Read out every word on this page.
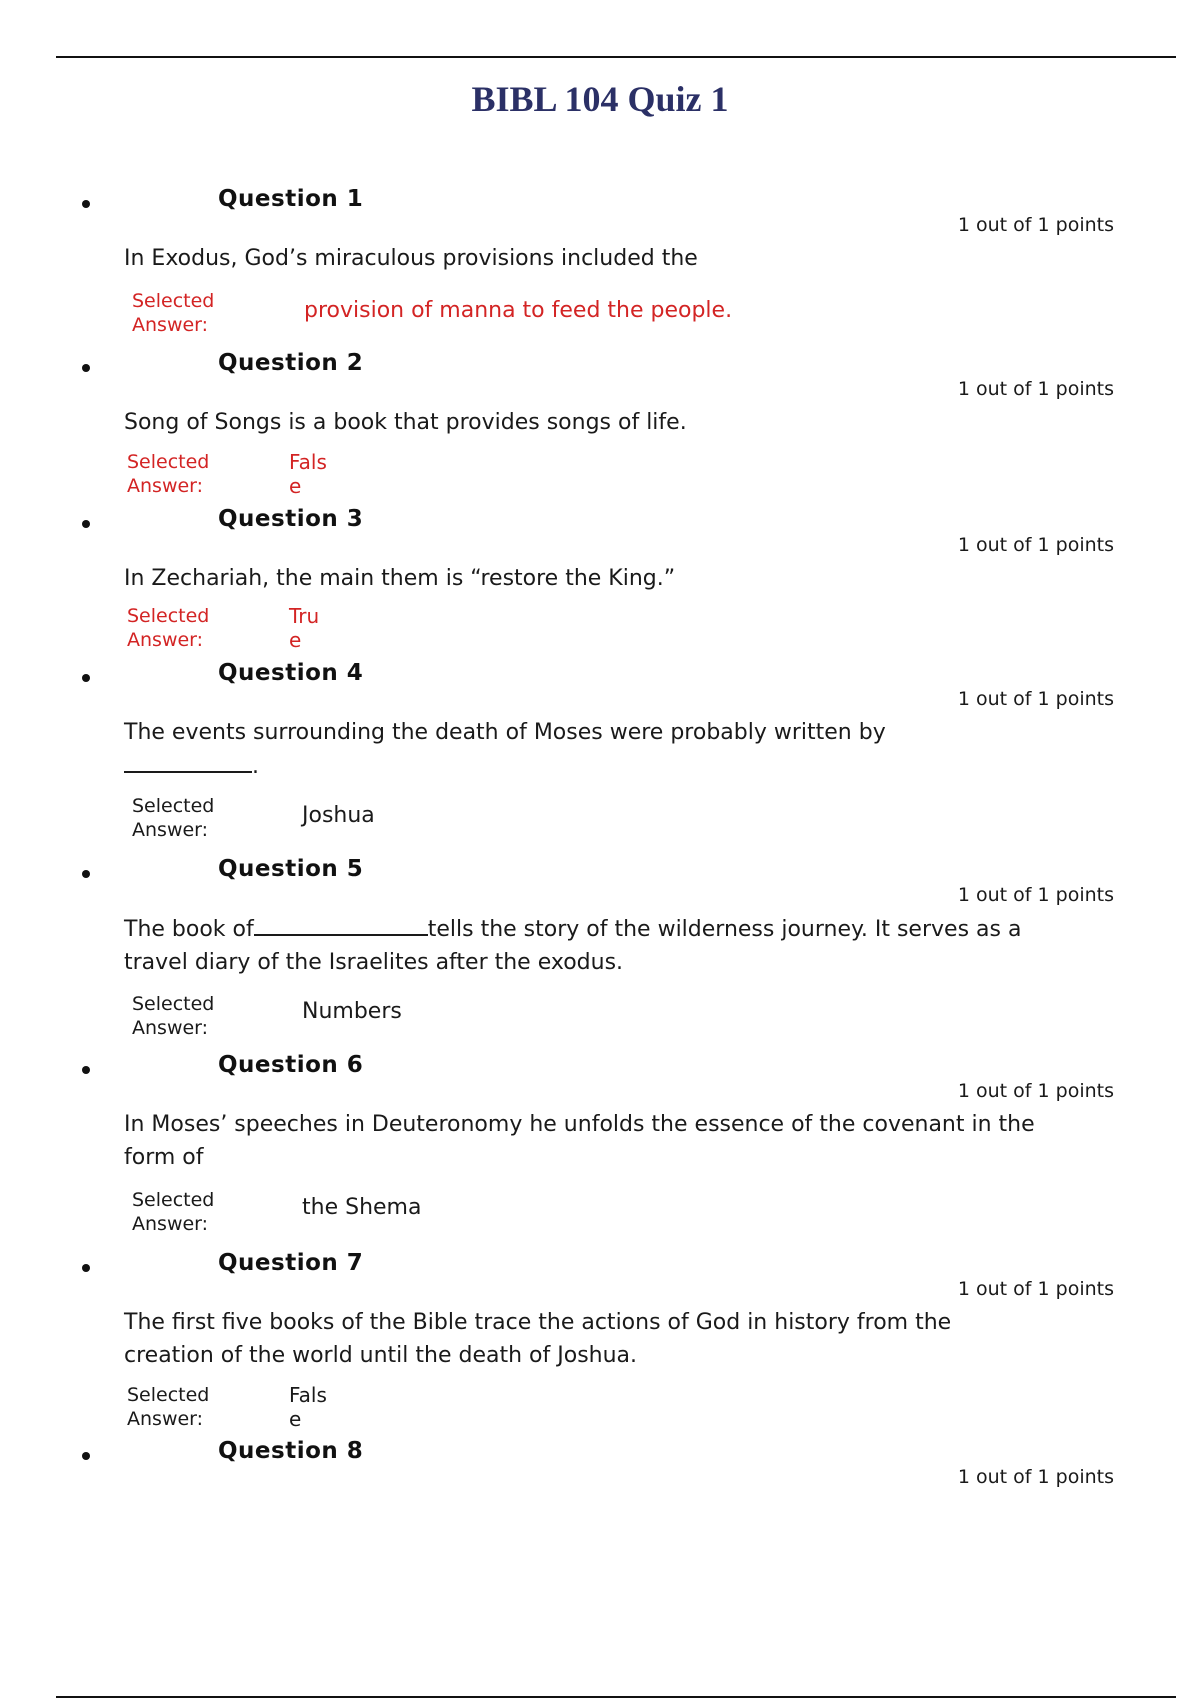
BIBL 104 Quiz 1
Question 1
1 out of 1 points
In Exodus, God’s miraculous provisions included the
Selected
Answer:
provision of manna to feed the people.
Question 2
1 out of 1 points
Song of Songs is a book that provides songs of life.
Selected
Answer:
Fals
e
Question 3
1 out of 1 points
In Zechariah, the main them is “restore the King.”
Selected
Answer:
Tru
e
Question 4
1 out of 1 points
The events surrounding the death of Moses were probably written by
.
Selected
Answer:
Joshua
Question 5
1 out of 1 points
The book of	tells the story of the wilderness journey. It serves as a travel diary of the Israelites after the exodus.
Selected
Answer:
Numbers
Question 6
1 out of 1 points
In Moses’ speeches in Deuteronomy he unfolds the essence of the covenant in the form of
Selected
Answer:
the Shema
Question 7
1 out of 1 points
The first five books of the Bible trace the actions of God in history from the creation of the world until the death of Joshua.
Selected
Answer:
Fals
e
Question 8
1 out of 1 points
